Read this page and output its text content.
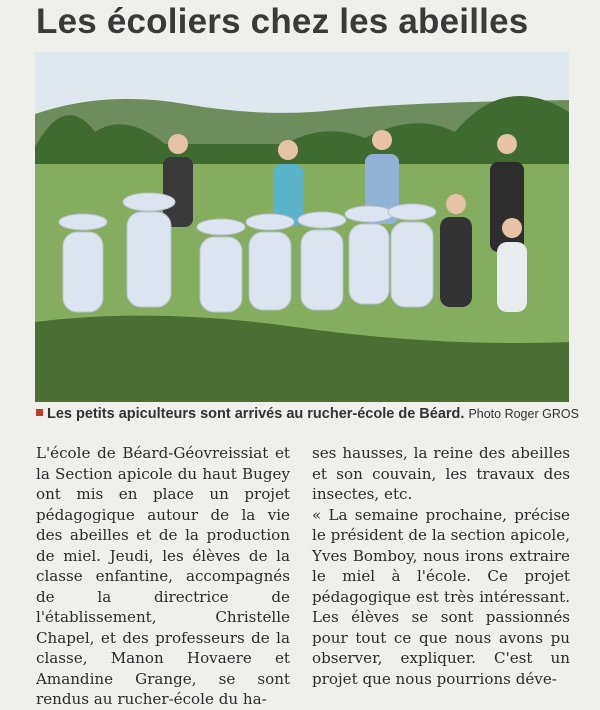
Les écoliers chez les abeilles
Les petits apiculteurs sont arrivés au rucher-école de Béard. Photo Roger GROS

L'école de Béard-Géovreissiat et la Section apicole du haut Bugey ont mis en place un projet pédagogique autour de la vie des abeilles et de la production de miel. Jeudi, les élèves de la classe enfantine, accompagnés de la directrice de l'établissement, Christelle Chapel, et des professeurs de la classe, Manon Hovaere et Amandine Grange, se sont rendus au rucher-école du ha-

ses hausses, la reine des abeilles et son couvain, les travaux des insectes, etc.

« La semaine prochaine, précise le président de la section apicole, Yves Bomboy, nous irons extraire le miel à l'école. Ce projet pédagogique est très intéressant. Les élèves se sont passionnés pour tout ce que nous avons pu observer, expliquer. C'est un projet que nous pourrions déve-
